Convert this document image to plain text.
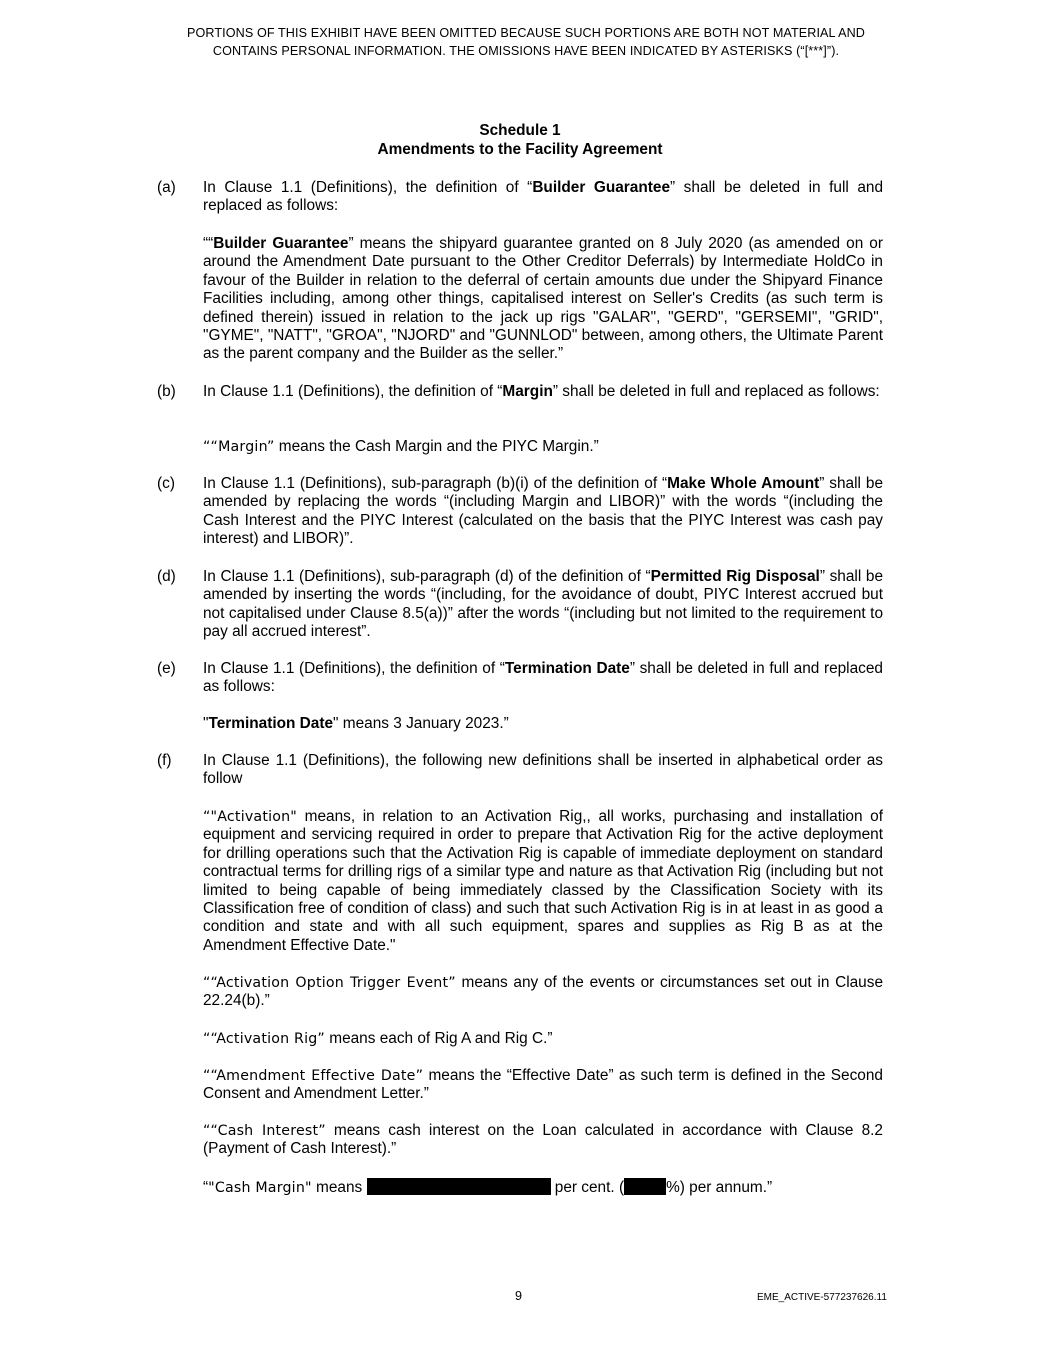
PORTIONS OF THIS EXHIBIT HAVE BEEN OMITTED BECAUSE SUCH PORTIONS ARE BOTH NOT MATERIAL AND
CONTAINS PERSONAL INFORMATION. THE OMISSIONS HAVE BEEN INDICATED BY ASTERISKS (“[***]”).
Schedule 1
Amendments to the Facility Agreement
(a) In Clause 1.1 (Definitions), the definition of “Builder Guarantee” shall be deleted in full and replaced as follows:
““Builder Guarantee” means the shipyard guarantee granted on 8 July 2020 (as amended on or around the Amendment Date pursuant to the Other Creditor Deferrals) by Intermediate HoldCo in favour of the Builder in relation to the deferral of certain amounts due under the Shipyard Finance Facilities including, among other things, capitalised interest on Seller's Credits (as such term is defined therein) issued in relation to the jack up rigs "GALAR", "GERD", "GERSEMI", "GRID", "GYME", "NATT", "GROA", "NJORD" and "GUNNLOD" between, among others, the Ultimate Parent as the parent company and the Builder as the seller.”
(b) In Clause 1.1 (Definitions), the definition of “Margin” shall be deleted in full and replaced as follows:
““Margin” means the Cash Margin and the PIYC Margin.”
(c) In Clause 1.1 (Definitions), sub-paragraph (b)(i) of the definition of “Make Whole Amount” shall be amended by replacing the words “(including Margin and LIBOR)” with the words “(including the Cash Interest and the PIYC Interest (calculated on the basis that the PIYC Interest was cash pay interest) and LIBOR)”.
(d) In Clause 1.1 (Definitions), sub-paragraph (d) of the definition of “Permitted Rig Disposal” shall be amended by inserting the words “(including, for the avoidance of doubt, PIYC Interest accrued but not capitalised under Clause 8.5(a))” after the words “(including but not limited to the requirement to pay all accrued interest”.
(e) In Clause 1.1 (Definitions), the definition of “Termination Date” shall be deleted in full and replaced as follows:
"Termination Date" means 3 January 2023.”
(f) In Clause 1.1 (Definitions), the following new definitions shall be inserted in alphabetical order as follow
“"Activation" means, in relation to an Activation Rig,, all works, purchasing and installation of equipment and servicing required in order to prepare that Activation Rig for the active deployment for drilling operations such that the Activation Rig is capable of immediate deployment on standard contractual terms for drilling rigs of a similar type and nature as that Activation Rig (including but not limited to being capable of being immediately classed by the Classification Society with its Classification free of condition of class) and such that such Activation Rig is in at least in as good a condition and state and with all such equipment, spares and supplies as Rig B as at the Amendment Effective Date."
““Activation Option Trigger Event” means any of the events or circumstances set out in Clause 22.24(b).”
““Activation Rig” means each of Rig A and Rig C.”
““Amendment Effective Date” means the “Effective Date” as such term is defined in the Second Consent and Amendment Letter.”
““Cash Interest” means cash interest on the Loan calculated in accordance with Clause 8.2 (Payment of Cash Interest).”
“"Cash Margin" means	per cent. (	%) per annum.”
9	EME_ACTIVE-577237626.11
